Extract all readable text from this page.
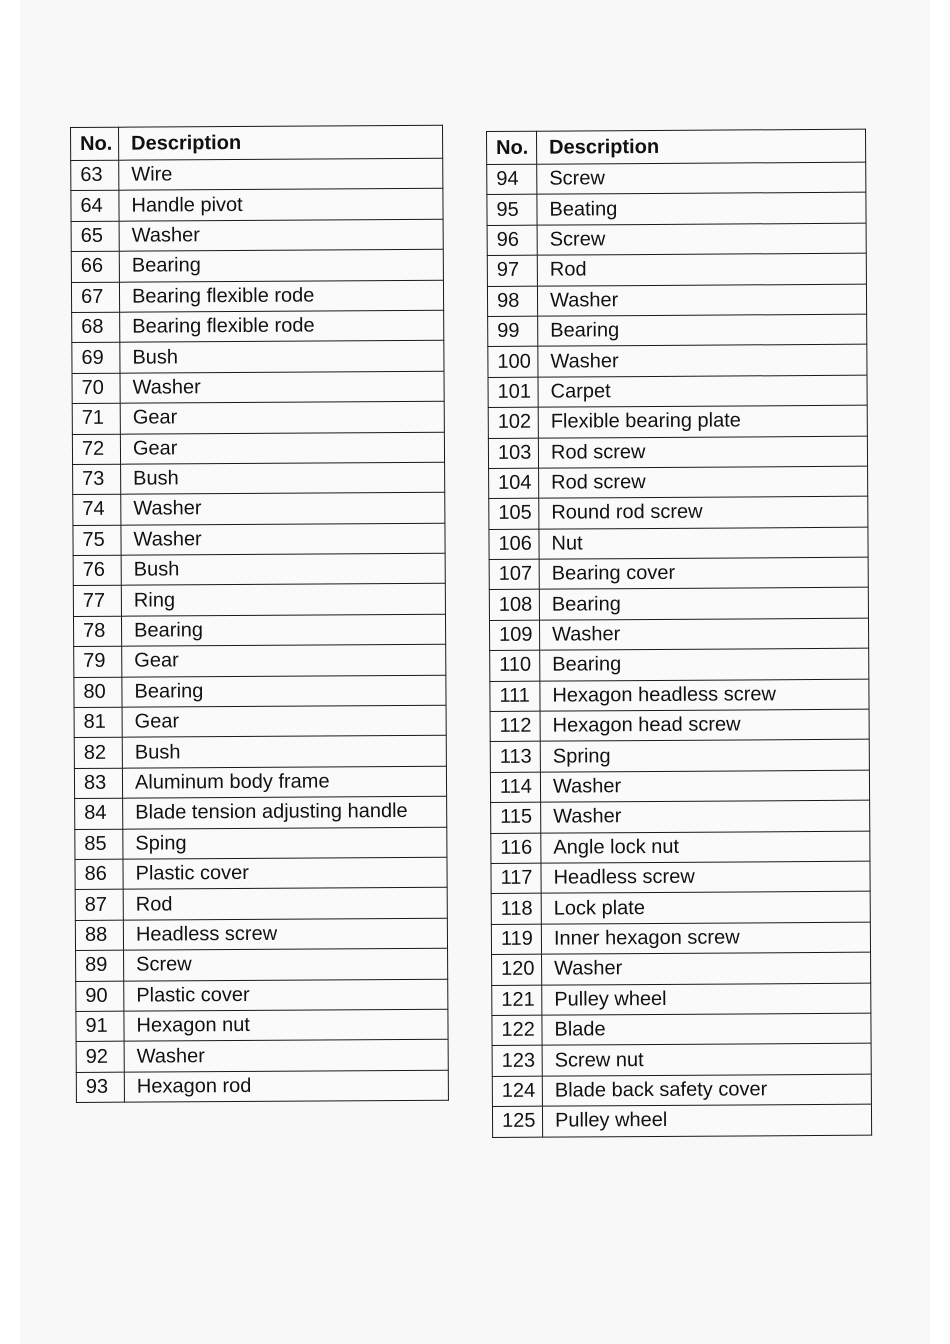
No.	Description
63	Wire
64	Handle pivot
65	Washer
66	Bearing
67	Bearing flexible rode
68	Bearing flexible rode
69	Bush
70	Washer
71	Gear
72	Gear
73	Bush
74	Washer
75	Washer
76	Bush
77	Ring
78	Bearing
79	Gear
80	Bearing
81	Gear
82	Bush
83	Aluminum body frame
84	Blade tension adjusting handle
85	Sping
86	Plastic cover
87	Rod
88	Headless screw
89	Screw
90	Plastic cover
91	Hexagon nut
92	Washer
93	Hexagon rod
No.	Description
94	Screw
95	Beating
96	Screw
97	Rod
98	Washer
99	Bearing
100	Washer
101	Carpet
102	Flexible bearing plate
103	Rod screw
104	Rod screw
105	Round rod screw
106	Nut
107	Bearing cover
108	Bearing
109	Washer
110	Bearing
111	Hexagon headless screw
112	Hexagon head screw
113	Spring
114	Washer
115	Washer
116	Angle lock nut
117	Headless screw
118	Lock plate
119	Inner hexagon screw
120	Washer
121	Pulley wheel
122	Blade
123	Screw nut
124	Blade back safety cover
125	Pulley wheel
